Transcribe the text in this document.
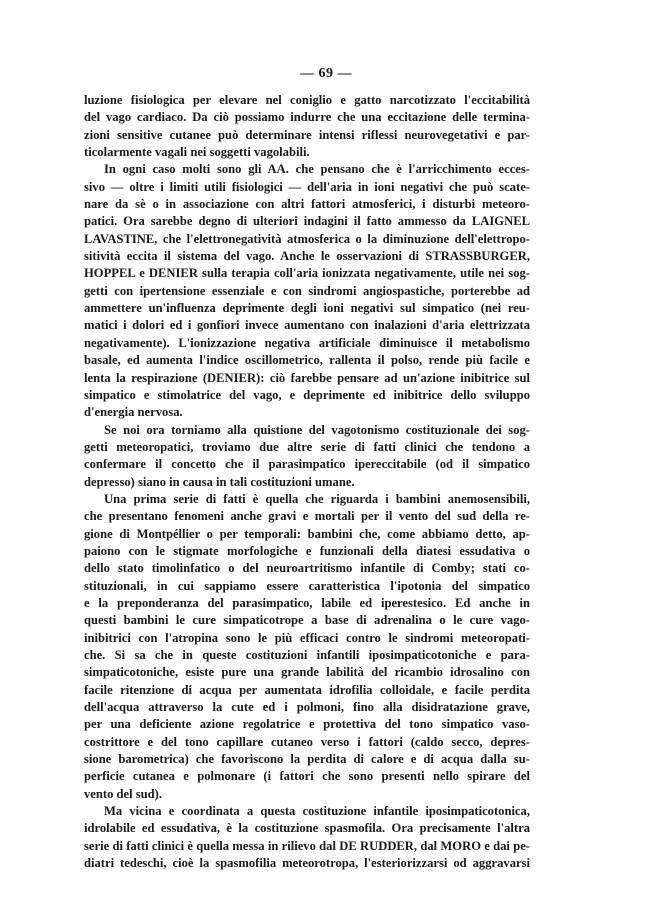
— 69 —
luzione fisiologica per elevare nel coniglio e gatto narcotizzato l'eccitabilità
del vago cardiaco. Da ciò possiamo indurre che una eccitazione delle termina-
zioni sensitive cutanee può determinare intensi riflessi neurovegetativi e par-
ticolarmente vagali nei soggetti vagolabili.
In ogni caso molti sono gli AA. che pensano che è l'arricchimento ecces-
sivo — oltre i limiti utili fisiologici — dell'aria in ioni negativi che può scate-
nare da sè o in associazione con altri fattori atmosferici, i disturbi meteoro-
patici. Ora sarebbe degno di ulteriori indagini il fatto ammesso da LAIGNEL
LAVASTINE, che l'elettronegatività atmosferica o la diminuzione dell'elettropo-
sitività eccita il sistema del vago. Anche le osservazioni di STRASSBURGER,
HOPPEL e DENIER sulla terapia coll'aria ionizzata negativamente, utile nei sog-
getti con ipertensione essenziale e con sindromi angiospastiche, porterebbe ad
ammettere un'influenza deprimente degli ioni negativi sul simpatico (nei reu-
matici i dolori ed i gonfiori invece aumentano con inalazioni d'aria elettrizzata
negativamente). L'ionizzazione negativa artificiale diminuisce il metabolismo
basale, ed aumenta l'indice oscillometrico, rallenta il polso, rende più facile e
lenta la respirazione (DENIER): ciò farebbe pensare ad un'azione inibitrice sul
simpatico e stimolatrice del vago, e deprimente ed inibitrice dello sviluppo
d'energia nervosa.
Se noi ora torniamo alla quistione del vagotonismo costituzionale dei sog-
getti meteoropatici, troviamo due altre serie di fatti clinici che tendono a
confermare il concetto che il parasimpatico ipereccitabile (od il simpatico
depresso) siano in causa in tali costituzioni umane.
Una prima serie di fatti è quella che riguarda i bambini anemosensibili,
che presentano fenomeni anche gravi e mortali per il vento del sud della re-
gione di Montpéllier o per temporali: bambini che, come abbiamo detto, ap-
paiono con le stigmate morfologiche e funzionali della diatesi essudativa o
dello stato timolinfatico o del neuroartritismo infantile di Comby; stati co-
stituzionali, in cui sappiamo essere caratteristica l'ipotonia del simpatico
e la preponderanza del parasimpatico, labile ed iperestesico. Ed anche in
questi bambini le cure simpaticotrope a base di adrenalina o le cure vago-
inibitrici con l'atropina sono le più efficaci contro le sindromi meteoropati-
che. Si sa che in queste costituzioni infantili iposimpaticotoniche e para-
simpaticotoniche, esiste pure una grande labilità del ricambio idrosalino con
facile ritenzione di acqua per aumentata idrofilia colloidale, e facile perdita
dell'acqua attraverso la cute ed i polmoni, fino alla disidratazione grave,
per una deficiente azione regolatrice e protettiva del tono simpatico vaso-
costrittore e del tono capillare cutaneo verso i fattori (caldo secco, depres-
sione barometrica) che favoriscono la perdita di calore e di acqua dalla su-
perficie cutanea e polmonare (i fattori che sono presenti nello spirare del
vento del sud).
Ma vicina e coordinata a questa costituzione infantile iposimpaticotonica,
idrolabile ed essudativa, è la costituzione spasmofila. Ora precisamente l'altra
serie di fatti clinici è quella messa in rilievo dal DE RUDDER, dal MORO e dai pe-
diatri tedeschi, cioè la spasmofilia meteorotropa, l'esteriorizzarsi od aggravarsi
